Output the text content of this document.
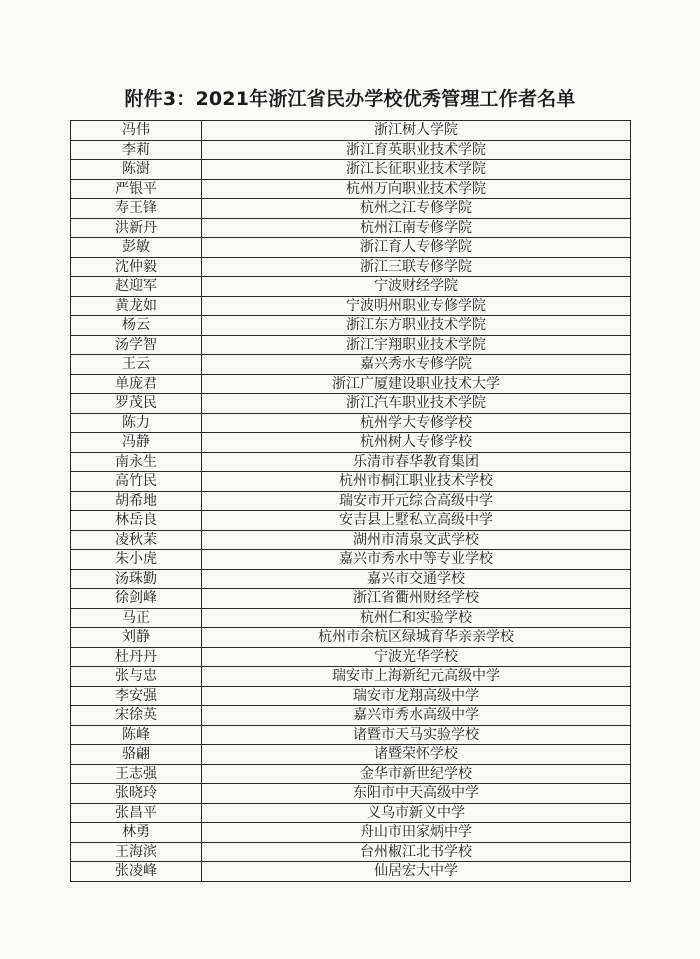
附件3：2021年浙江省民办学校优秀管理工作者名单
冯伟	浙江树人学院
李莉	浙江育英职业技术学院
陈澍	浙江长征职业技术学院
严银平	杭州万向职业技术学院
寿王锋	杭州之江专修学院
洪新丹	杭州江南专修学院
彭敏	浙江育人专修学院
沈仲毅	浙江三联专修学院
赵迎军	宁波财经学院
黄龙如	宁波明州职业专修学院
杨云	浙江东方职业技术学院
汤学智	浙江宇翔职业技术学院
王云	嘉兴秀水专修学院
单庞君	浙江广厦建设职业技术大学
罗茂民	浙江汽车职业技术学院
陈力	杭州学大专修学校
冯静	杭州树人专修学校
南永生	乐清市春华教育集团
高竹民	杭州市桐江职业技术学校
胡希地	瑞安市开元综合高级中学
林岳良	安吉县上墅私立高级中学
凌秋茉	湖州市清泉文武学校
朱小虎	嘉兴市秀水中等专业学校
汤珠勤	嘉兴市交通学校
徐剑峰	浙江省衢州财经学校
马正	杭州仁和实验学校
刘静	杭州市余杭区绿城育华亲亲学校
杜丹丹	宁波光华学校
张与忠	瑞安市上海新纪元高级中学
李安强	瑞安市龙翔高级中学
宋徐英	嘉兴市秀水高级中学
陈峰	诸暨市天马实验学校
骆翩	诸暨荣怀学校
王志强	金华市新世纪学校
张晓玲	东阳市中天高级中学
张昌平	义乌市新义中学
林勇	舟山市田家炳中学
王海滨	台州椒江北书学校
张凌峰	仙居宏大中学
